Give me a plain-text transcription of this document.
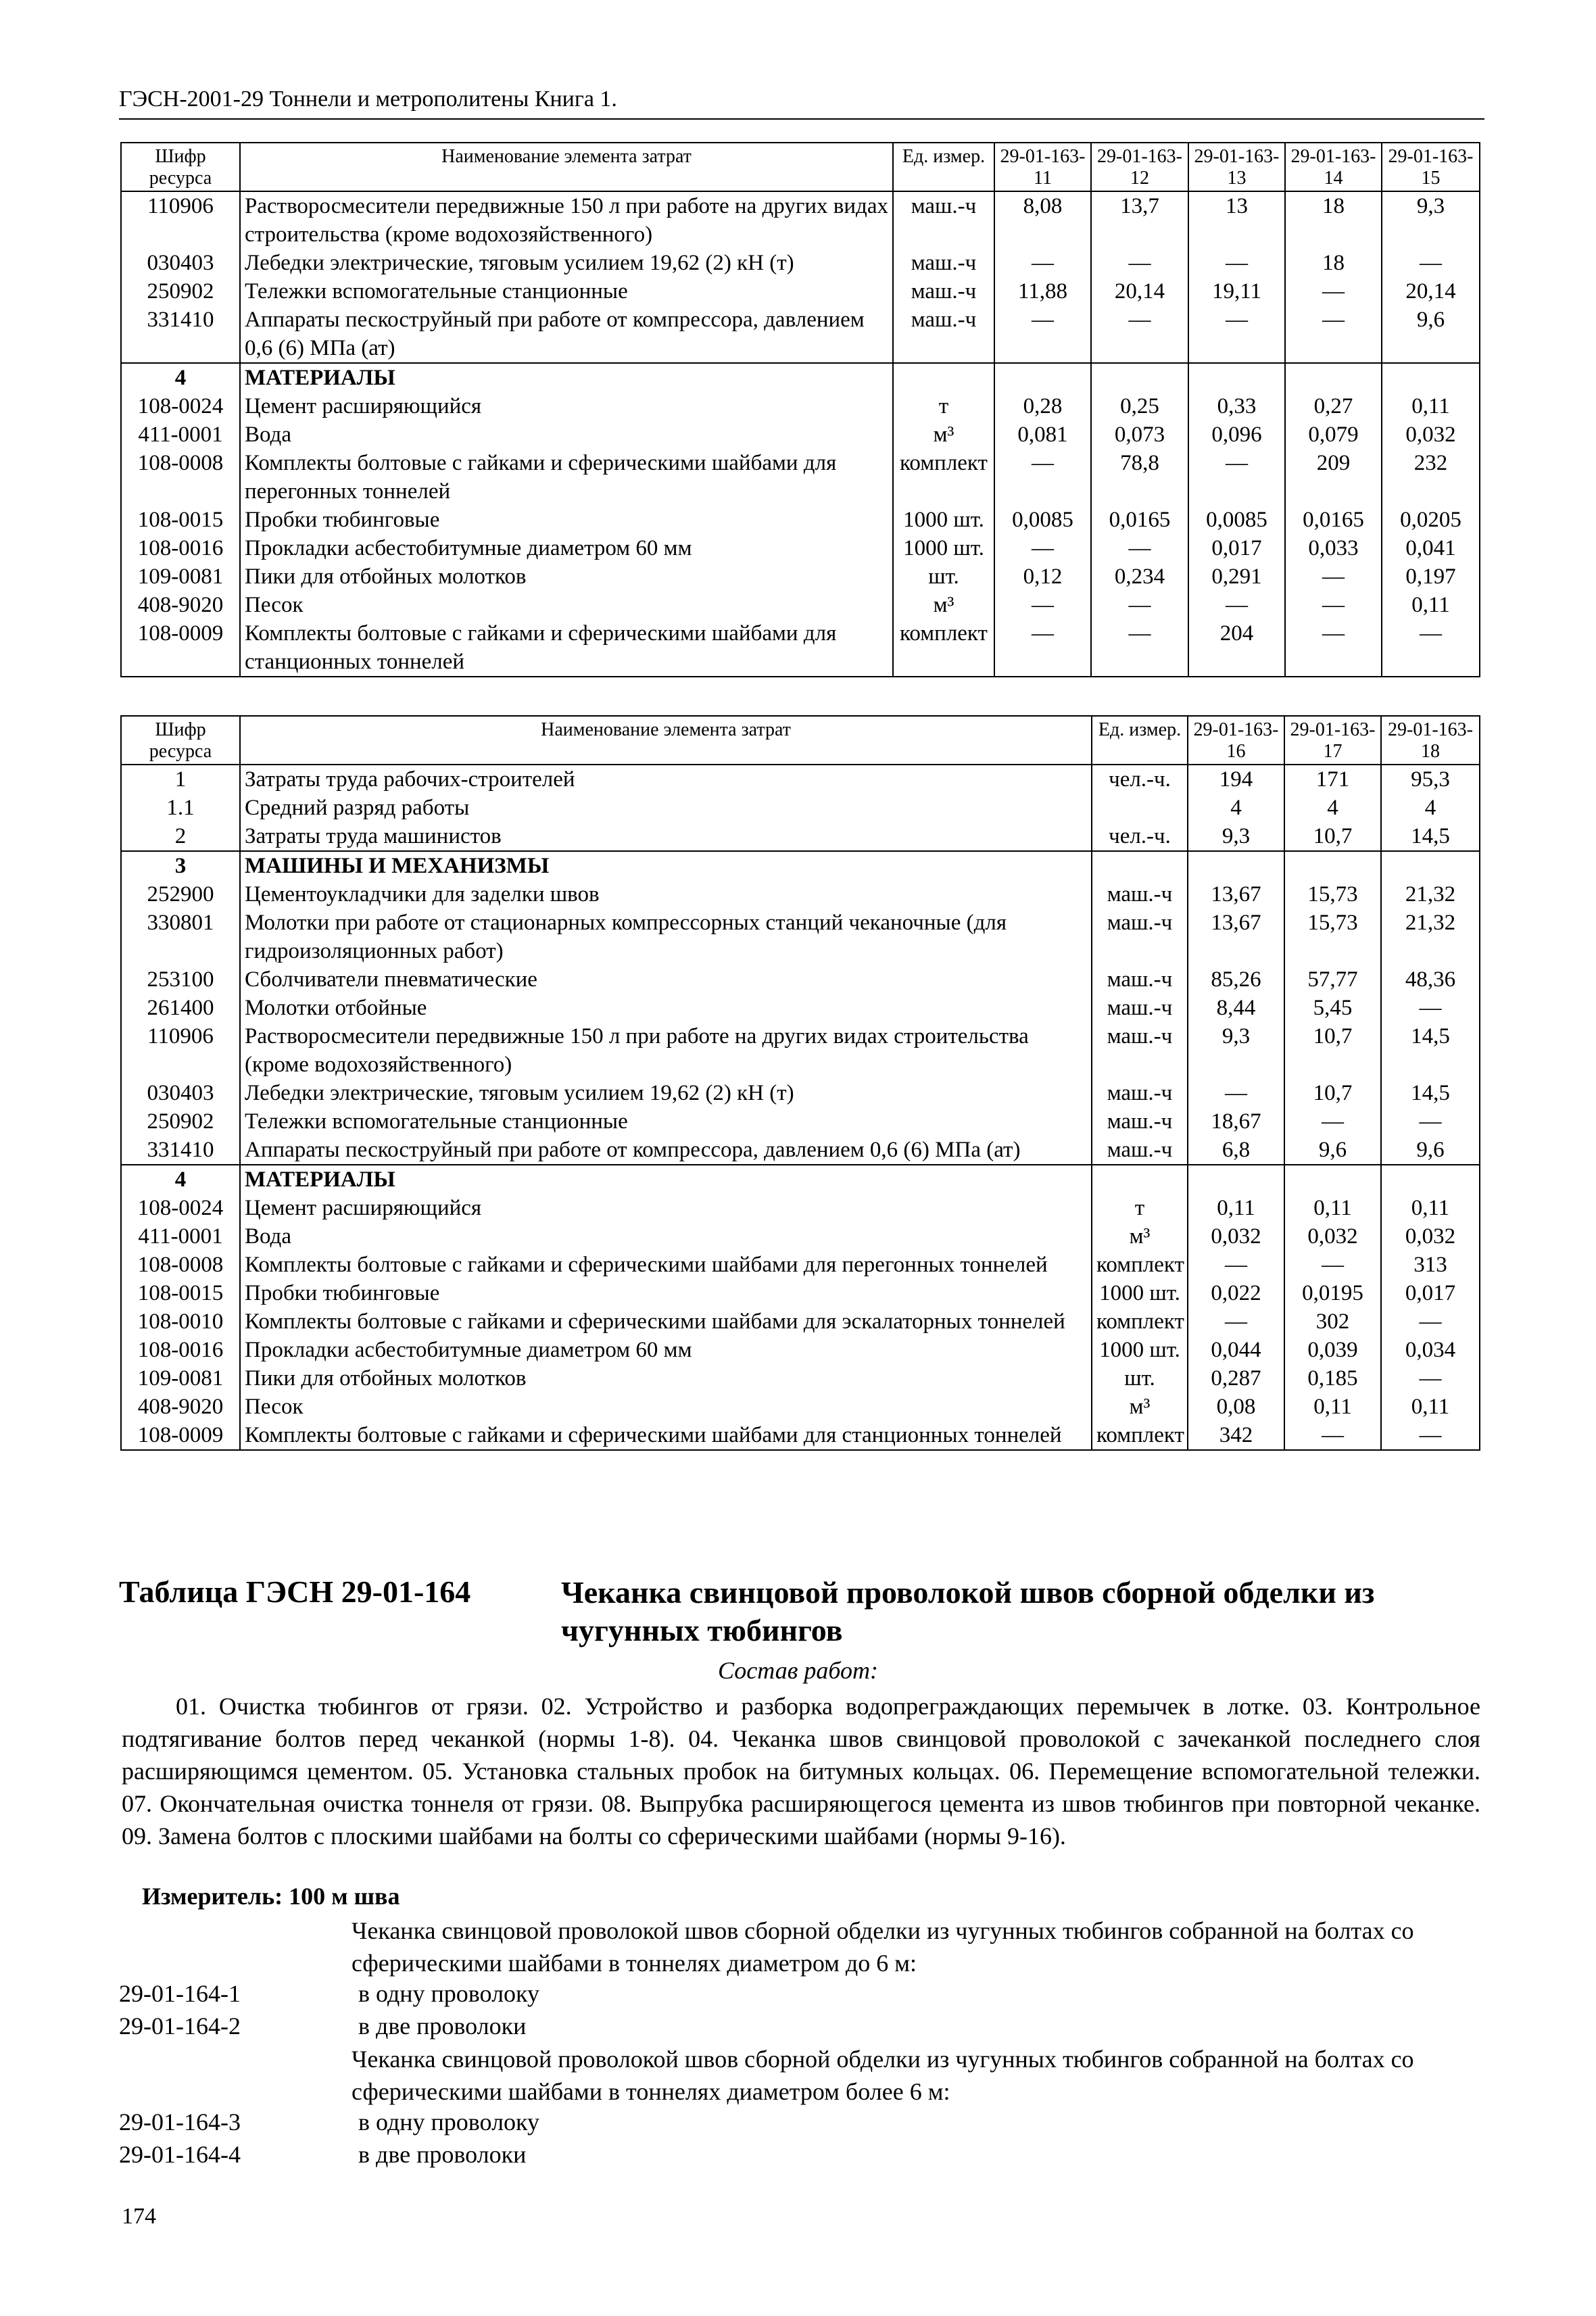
ГЭСН-2001-29 Тоннели и метрополитены Книга 1.
Шифр ресурса	Наименование элемента затрат	Ед. измер.	29-01-163-11	29-01-163-12	29-01-163-13	29-01-163-14	29-01-163-15
110906	Растворосмесители передвижные 150 л при работе на других видах строительства (кроме водохозяйственного)	маш.-ч	8,08	13,7	13	18	9,3
030403	Лебедки электрические, тяговым усилием 19,62 (2) кН (т)	маш.-ч	—	—	—	18	—
250902	Тележки вспомогательные станционные	маш.-ч	11,88	20,14	19,11	—	20,14
331410	Аппараты пескоструйный при работе от компрессора, давлением 0,6 (6) МПа (ат)	маш.-ч	—	—	—	—	9,6
4	МАТЕРИАЛЫ						
108-0024	Цемент расширяющийся	т	0,28	0,25	0,33	0,27	0,11
411-0001	Вода	м³	0,081	0,073	0,096	0,079	0,032
108-0008	Комплекты болтовые с гайками и сферическими шайбами для перегонных тоннелей	комплект	—	78,8	—	209	232
108-0015	Пробки тюбинговые	1000 шт.	0,0085	0,0165	0,0085	0,0165	0,0205
108-0016	Прокладки асбестобитумные диаметром 60 мм	1000 шт.	—	—	0,017	0,033	0,041
109-0081	Пики для отбойных молотков	шт.	0,12	0,234	0,291	—	0,197
408-9020	Песок	м³	—	—	—	—	0,11
108-0009	Комплекты болтовые с гайками и сферическими шайбами для станционных тоннелей	комплект	—	—	204	—	—
Шифр ресурса	Наименование элемента затрат	Ед. измер.	29-01-163-16	29-01-163-17	29-01-163-18
1	Затраты труда рабочих-строителей	чел.-ч.	194	171	95,3
1.1	Средний разряд работы		4	4	4
2	Затраты труда машинистов	чел.-ч.	9,3	10,7	14,5
3	МАШИНЫ И МЕХАНИЗМЫ				
252900	Цементоукладчики для заделки швов	маш.-ч	13,67	15,73	21,32
330801	Молотки при работе от стационарных компрессорных станций чеканочные (для гидроизоляционных работ)	маш.-ч	13,67	15,73	21,32
253100	Сболчиватели пневматические	маш.-ч	85,26	57,77	48,36
261400	Молотки отбойные	маш.-ч	8,44	5,45	—
110906	Растворосмесители передвижные 150 л при работе на других видах строительства (кроме водохозяйственного)	маш.-ч	9,3	10,7	14,5
030403	Лебедки электрические, тяговым усилием 19,62 (2) кН (т)	маш.-ч	—	10,7	14,5
250902	Тележки вспомогательные станционные	маш.-ч	18,67	—	—
331410	Аппараты пескоструйный при работе от компрессора, давлением 0,6 (6) МПа (ат)	маш.-ч	6,8	9,6	9,6
4	МАТЕРИАЛЫ				
108-0024	Цемент расширяющийся	т	0,11	0,11	0,11
411-0001	Вода	м³	0,032	0,032	0,032
108-0008	Комплекты болтовые с гайками и сферическими шайбами для перегонных тоннелей	комплект	—	—	313
108-0015	Пробки тюбинговые	1000 шт.	0,022	0,0195	0,017
108-0010	Комплекты болтовые с гайками и сферическими шайбами для эскалаторных тоннелей	комплект	—	302	—
108-0016	Прокладки асбестобитумные диаметром 60 мм	1000 шт.	0,044	0,039	0,034
109-0081	Пики для отбойных молотков	шт.	0,287	0,185	—
408-9020	Песок	м³	0,08	0,11	0,11
108-0009	Комплекты болтовые с гайками и сферическими шайбами для станционных тоннелей	комплект	342	—	—
Таблица ГЭСН 29-01-164	Чеканка свинцовой проволокой швов сборной обделки из чугунных тюбингов
Состав работ:
01. Очистка тюбингов от грязи. 02. Устройство и разборка водопреграждающих перемычек в лотке. 03. Контрольное подтягивание болтов перед чеканкой (нормы 1-8). 04. Чеканка швов свинцовой проволокой с зачеканкой последнего слоя расширяющимся цементом. 05. Установка стальных пробок на битумных кольцах. 06. Перемещение вспомогательной тележки. 07. Окончательная очистка тоннеля от грязи. 08. Выпрубка расширяющегося цемента из швов тюбингов при повторной чеканке. 09. Замена болтов с плоскими шайбами на болты со сферическими шайбами (нормы 9-16).
Измеритель: 100 м шва
Чеканка свинцовой проволокой швов сборной обделки из чугунных тюбингов собранной на болтах со сферическими шайбами в тоннелях диаметром до 6 м:
29-01-164-1	в одну проволоку
29-01-164-2	в две проволоки
Чеканка свинцовой проволокой швов сборной обделки из чугунных тюбингов собранной на болтах со сферическими шайбами в тоннелях диаметром более 6 м:
29-01-164-3	в одну проволоку
29-01-164-4	в две проволоки
174
